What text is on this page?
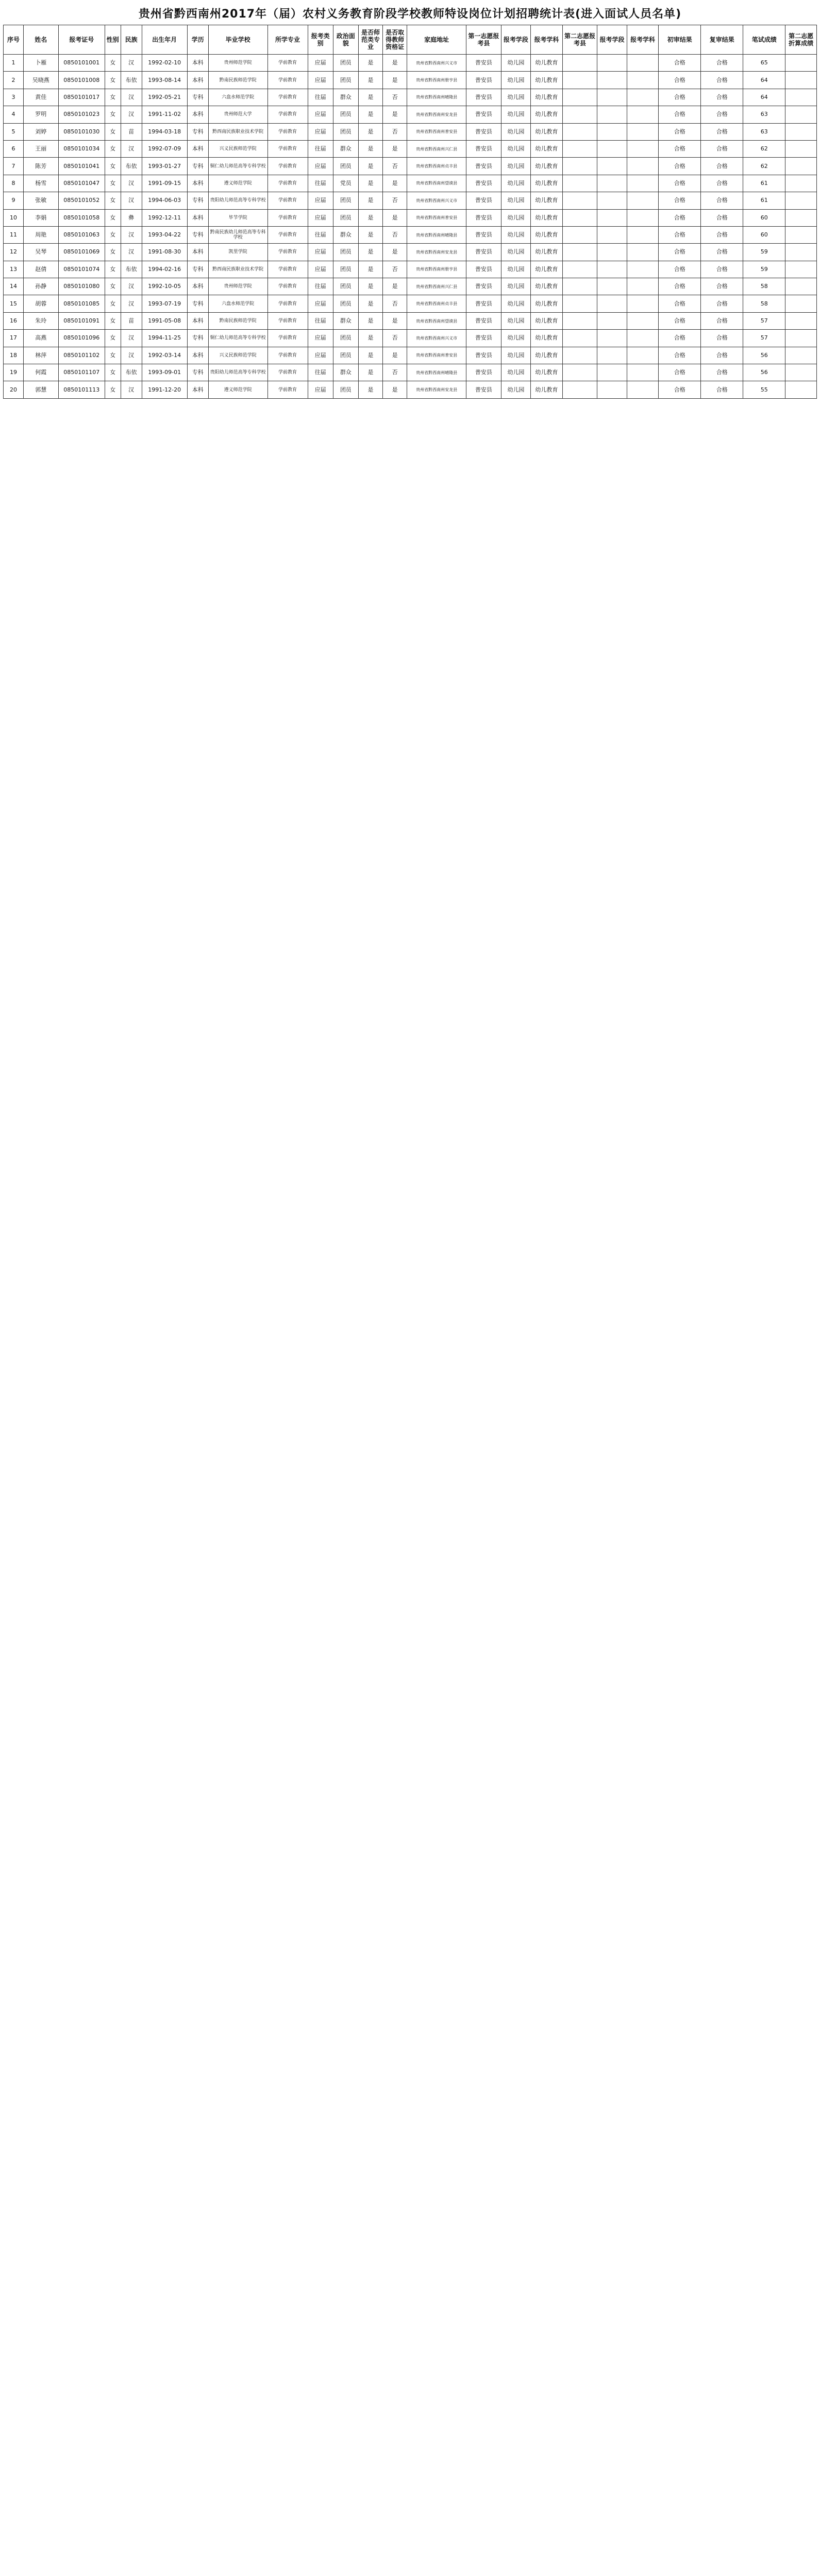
贵州省黔西南州2017年（届）农村义务教育阶段学校教师特设岗位计划招聘统计表(进入面试人员名单)
序号	姓名	报考证号	性别	民族	出生年月	学历	毕业学校	所学专业	报考类别	政治面貌	是否师范类专业	是否取得教师资格证	家庭地址	第一志愿报考县	报考学段	报考学科	第二志愿报考县	报考学段	报考学科	初审结果	复审结果	笔试成绩	第二志愿折算成绩
1	卜雁	0850101001	女	汉	1992-02-10	本科	贵州师范学院	学前教育	应届	团员	是	是	贵州省黔西南州兴义市	普安县	幼儿园	幼儿教育				合格	合格	65	
2	吴晓燕	0850101008	女	布依	1993-08-14	本科	黔南民族师范学院	学前教育	应届	团员	是	是	贵州省黔西南州册亨县	普安县	幼儿园	幼儿教育				合格	合格	64	
3	黄佳	0850101017	女	汉	1992-05-21	专科	六盘水师范学院	学前教育	往届	群众	是	否	贵州省黔西南州晴隆县	普安县	幼儿园	幼儿教育				合格	合格	64	
4	罗明	0850101023	女	汉	1991-11-02	本科	贵州师范大学	学前教育	应届	团员	是	是	贵州省黔西南州安龙县	普安县	幼儿园	幼儿教育				合格	合格	63	
5	刘婷	0850101030	女	苗	1994-03-18	专科	黔西南民族职业技术学院	学前教育	应届	团员	是	否	贵州省黔西南州普安县	普安县	幼儿园	幼儿教育				合格	合格	63	
6	王丽	0850101034	女	汉	1992-07-09	本科	兴义民族师范学院	学前教育	往届	群众	是	是	贵州省黔西南州兴仁县	普安县	幼儿园	幼儿教育				合格	合格	62	
7	陈芳	0850101041	女	布依	1993-01-27	专科	铜仁幼儿师范高等专科学校	学前教育	应届	团员	是	否	贵州省黔西南州贞丰县	普安县	幼儿园	幼儿教育				合格	合格	62	
8	杨雪	0850101047	女	汉	1991-09-15	本科	遵义师范学院	学前教育	往届	党员	是	是	贵州省黔西南州望谟县	普安县	幼儿园	幼儿教育				合格	合格	61	
9	张敏	0850101052	女	汉	1994-06-03	专科	贵阳幼儿师范高等专科学校	学前教育	应届	团员	是	否	贵州省黔西南州兴义市	普安县	幼儿园	幼儿教育				合格	合格	61	
10	李娟	0850101058	女	彝	1992-12-11	本科	毕节学院	学前教育	应届	团员	是	是	贵州省黔西南州普安县	普安县	幼儿园	幼儿教育				合格	合格	60	
11	周艳	0850101063	女	汉	1993-04-22	专科	黔南民族幼儿师范高等专科学校	学前教育	往届	群众	是	否	贵州省黔西南州晴隆县	普安县	幼儿园	幼儿教育				合格	合格	60	
12	吴琴	0850101069	女	汉	1991-08-30	本科	凯里学院	学前教育	应届	团员	是	是	贵州省黔西南州安龙县	普安县	幼儿园	幼儿教育				合格	合格	59	
13	赵倩	0850101074	女	布依	1994-02-16	专科	黔西南民族职业技术学院	学前教育	应届	团员	是	否	贵州省黔西南州册亨县	普安县	幼儿园	幼儿教育				合格	合格	59	
14	孙静	0850101080	女	汉	1992-10-05	本科	贵州师范学院	学前教育	往届	团员	是	是	贵州省黔西南州兴仁县	普安县	幼儿园	幼儿教育				合格	合格	58	
15	胡蓉	0850101085	女	汉	1993-07-19	专科	六盘水师范学院	学前教育	应届	团员	是	否	贵州省黔西南州贞丰县	普安县	幼儿园	幼儿教育				合格	合格	58	
16	朱玲	0850101091	女	苗	1991-05-08	本科	黔南民族师范学院	学前教育	往届	群众	是	是	贵州省黔西南州望谟县	普安县	幼儿园	幼儿教育				合格	合格	57	
17	高燕	0850101096	女	汉	1994-11-25	专科	铜仁幼儿师范高等专科学校	学前教育	应届	团员	是	否	贵州省黔西南州兴义市	普安县	幼儿园	幼儿教育				合格	合格	57	
18	林萍	0850101102	女	汉	1992-03-14	本科	兴义民族师范学院	学前教育	应届	团员	是	是	贵州省黔西南州普安县	普安县	幼儿园	幼儿教育				合格	合格	56	
19	何霞	0850101107	女	布依	1993-09-01	专科	贵阳幼儿师范高等专科学校	学前教育	往届	群众	是	否	贵州省黔西南州晴隆县	普安县	幼儿园	幼儿教育				合格	合格	56	
20	郭慧	0850101113	女	汉	1991-12-20	本科	遵义师范学院	学前教育	应届	团员	是	是	贵州省黔西南州安龙县	普安县	幼儿园	幼儿教育				合格	合格	55	
